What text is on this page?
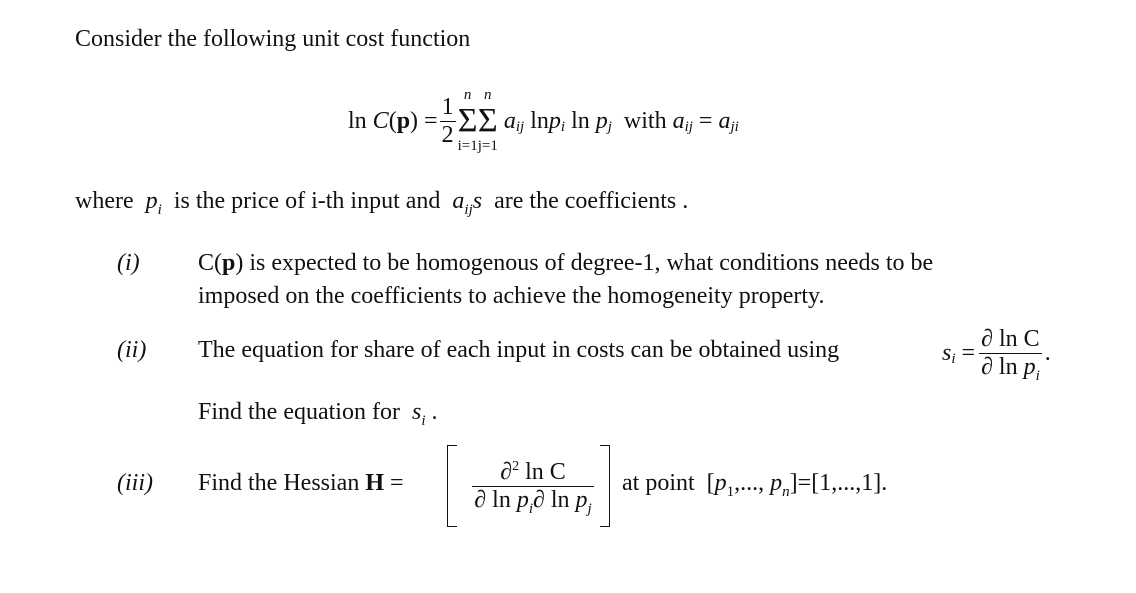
Consider the following unit cost function
ln
C ( p )
= $\frac{1}{2}$ n
Σ
i=1
n
Σ
j=1

a ij
ln p i
ln
p j
with
a ij
=
a ji
where $p_i$ is the price of i-th input and $a_{ij}s$ are the coefficients .
(i) C(p) is expected to be homogenous of degree-1, what conditions needs to be
imposed on the coefficients to achieve the homogeneity property.
(ii) The equation for share of each input in costs can be obtained using	s i
= $\frac{\text{∂ ln C}}{\partial \ln p_i}$ .
Find the equation for $s_i$ .
(iii) Find the Hessian H =	$\frac{\partial^2 \ln C}{\partial \ln p_i\partial \ln p_j}$ at point [$p_1$,..., $p_n]=[1,...,1]$.
